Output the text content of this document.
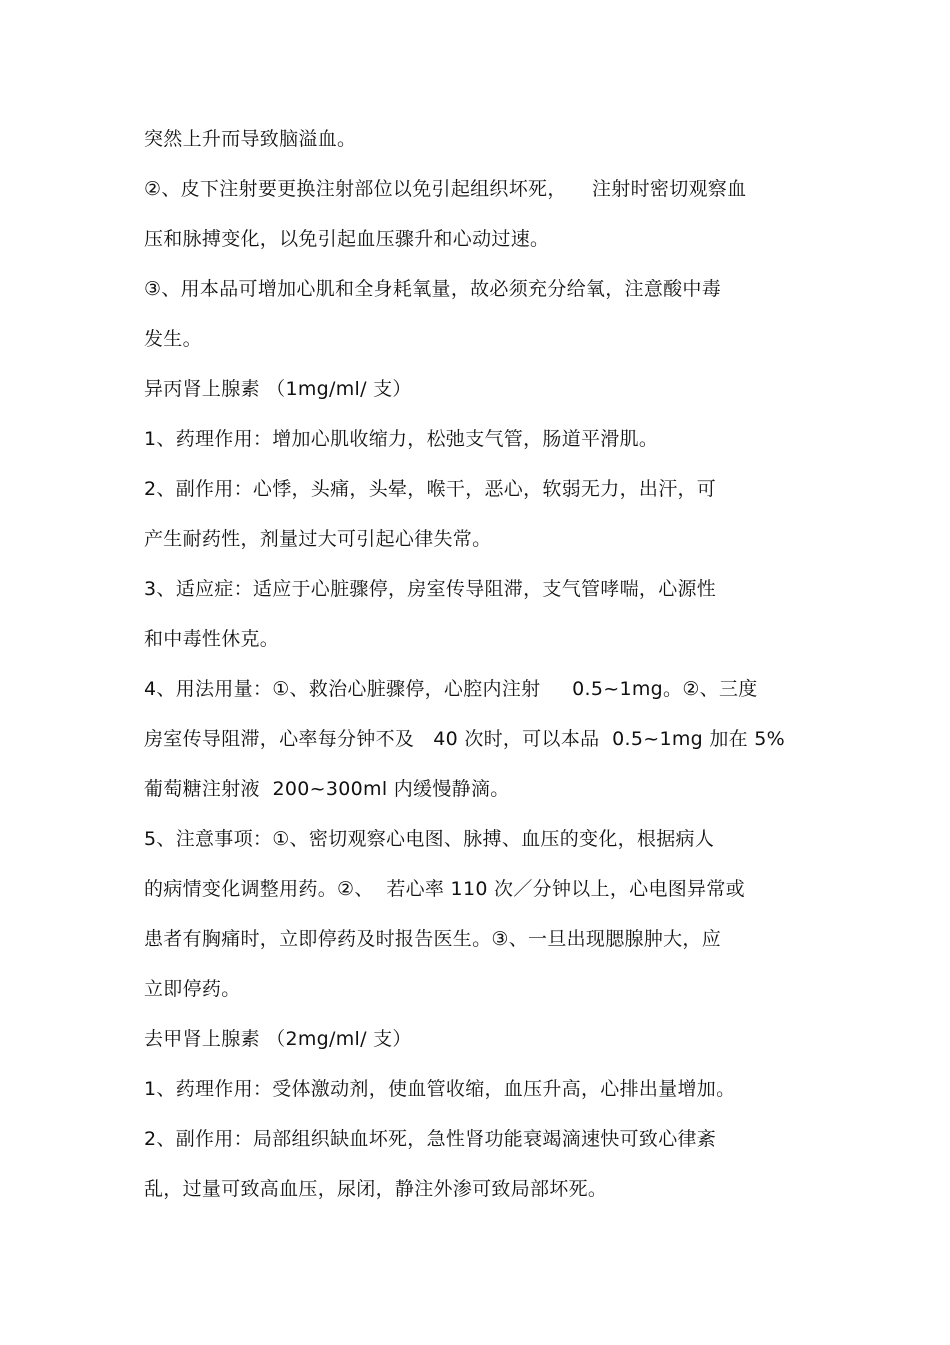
突然上升而导致脑溢血。
②、皮下注射要更换注射部位以免引起组织坏死，    注射时密切观察血
压和脉搏变化，以免引起血压骤升和心动过速。
③、用本品可增加心肌和全身耗氧量，故必须充分给氧，注意酸中毒
发生。
异丙肾上腺素 （1mg/ml/ 支）
1、药理作用：增加心肌收缩力，松弛支气管，肠道平滑肌。
2、副作用：心悸，头痛，头晕，喉干，恶心，软弱无力，出汗，可
产生耐药性，剂量过大可引起心律失常。
3、适应症：适应于心脏骤停，房室传导阻滞，支气管哮喘，心源性
和中毒性休克。
4、用法用量：①、救治心脏骤停，心腔内注射     0.5~1mg。②、三度
房室传导阻滞，心率每分钟不及   40 次时，可以本品  0.5~1mg 加在 5%
葡萄糖注射液  200~300ml 内缓慢静滴。
5、注意事项：①、密切观察心电图、脉搏、血压的变化，根据病人
的病情变化调整用药。②、  若心率 110 次／分钟以上，心电图异常或
患者有胸痛时，立即停药及时报告医生。③、一旦出现腮腺肿大，应
立即停药。
去甲肾上腺素 （2mg/ml/ 支）
1、药理作用：受体激动剂，使血管收缩，血压升高，心排出量增加。
2、副作用：局部组织缺血坏死，急性肾功能衰竭滴速快可致心律紊
乱，过量可致高血压，尿闭，静注外渗可致局部坏死。
